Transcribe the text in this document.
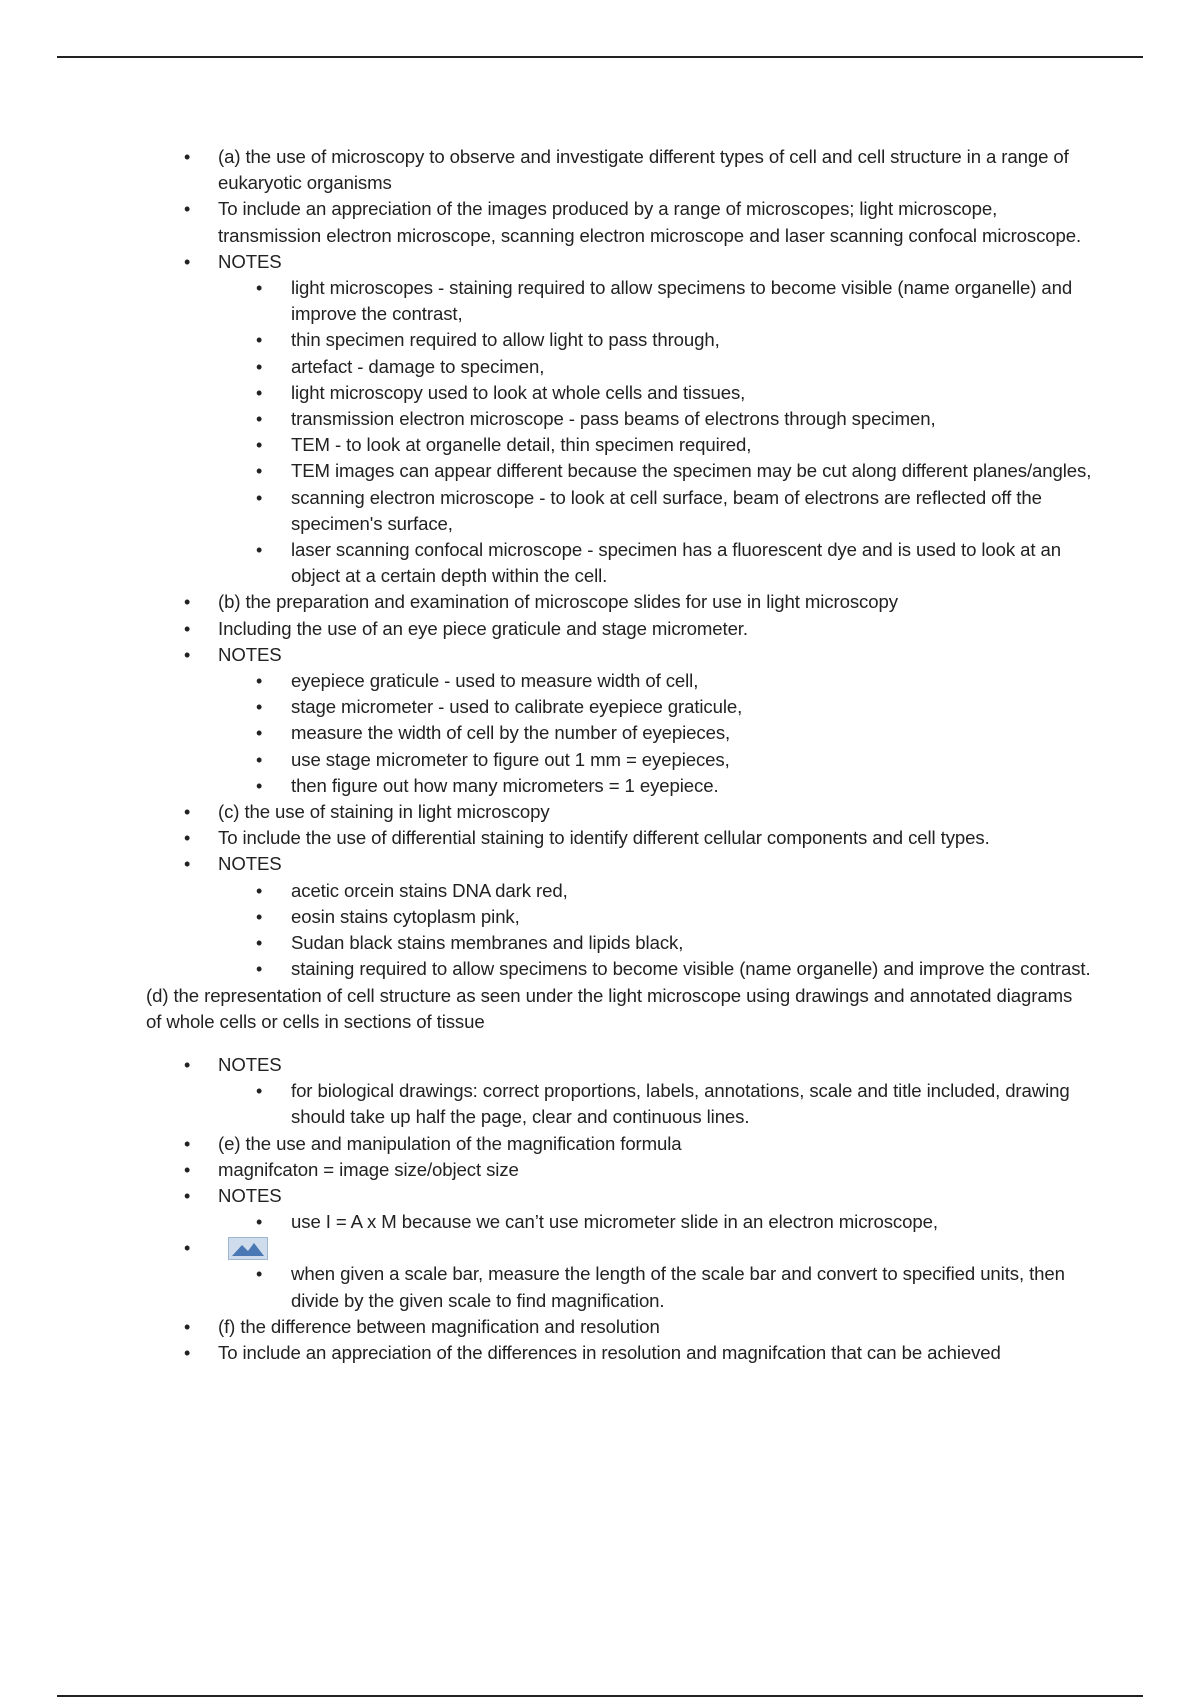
• (a) the use of microscopy to observe and investigate different types of cell and cell structure in a range of eukaryotic organisms
• To include an appreciation of the images produced by a range of microscopes; light microscope, transmission electron microscope, scanning electron microscope and laser scanning confocal microscope.
• NOTES
• light microscopes - staining required to allow specimens to become visible (name organelle) and improve the contrast,
• thin specimen required to allow light to pass through,
• artefact - damage to specimen,
• light microscopy used to look at whole cells and tissues,
• transmission electron microscope - pass beams of electrons through specimen,
• TEM - to look at organelle detail, thin specimen required,
• TEM images can appear different because the specimen may be cut along different planes/angles,
• scanning electron microscope - to look at cell surface, beam of electrons are reflected off the specimen's surface,
• laser scanning confocal microscope - specimen has a fluorescent dye and is used to look at an object at a certain depth within the cell.
• (b) the preparation and examination of microscope slides for use in light microscopy
• Including the use of an eye piece graticule and stage micrometer.
• NOTES
• eyepiece graticule - used to measure width of cell,
• stage micrometer - used to calibrate eyepiece graticule,
• measure the width of cell by the number of eyepieces,
• use stage micrometer to figure out 1 mm = eyepieces,
• then figure out how many micrometers = 1 eyepiece.
• (c) the use of staining in light microscopy
• To include the use of differential staining to identify different cellular components and cell types.
• NOTES
• acetic orcein stains DNA dark red,
• eosin stains cytoplasm pink,
• Sudan black stains membranes and lipids black,
• staining required to allow specimens to become visible (name organelle) and improve the contrast.

(d) the representation of cell structure as seen under the light microscope using drawings and annotated diagrams of whole cells or cells in sections of tissue

• NOTES
• for biological drawings: correct proportions, labels, annotations, scale and title included, drawing should take up half the page, clear and continuous lines.
• (e) the use and manipulation of the magnification formula
• magnifcaton = image size/object size
• NOTES
• use I = A x M because we can’t use micrometer slide in an electron microscope,
•
• when given a scale bar, measure the length of the scale bar and convert to specified units, then divide by the given scale to find magnification.
• (f) the difference between magnification and resolution
• To include an appreciation of the differences in resolution and magnifcation that can be achieved
